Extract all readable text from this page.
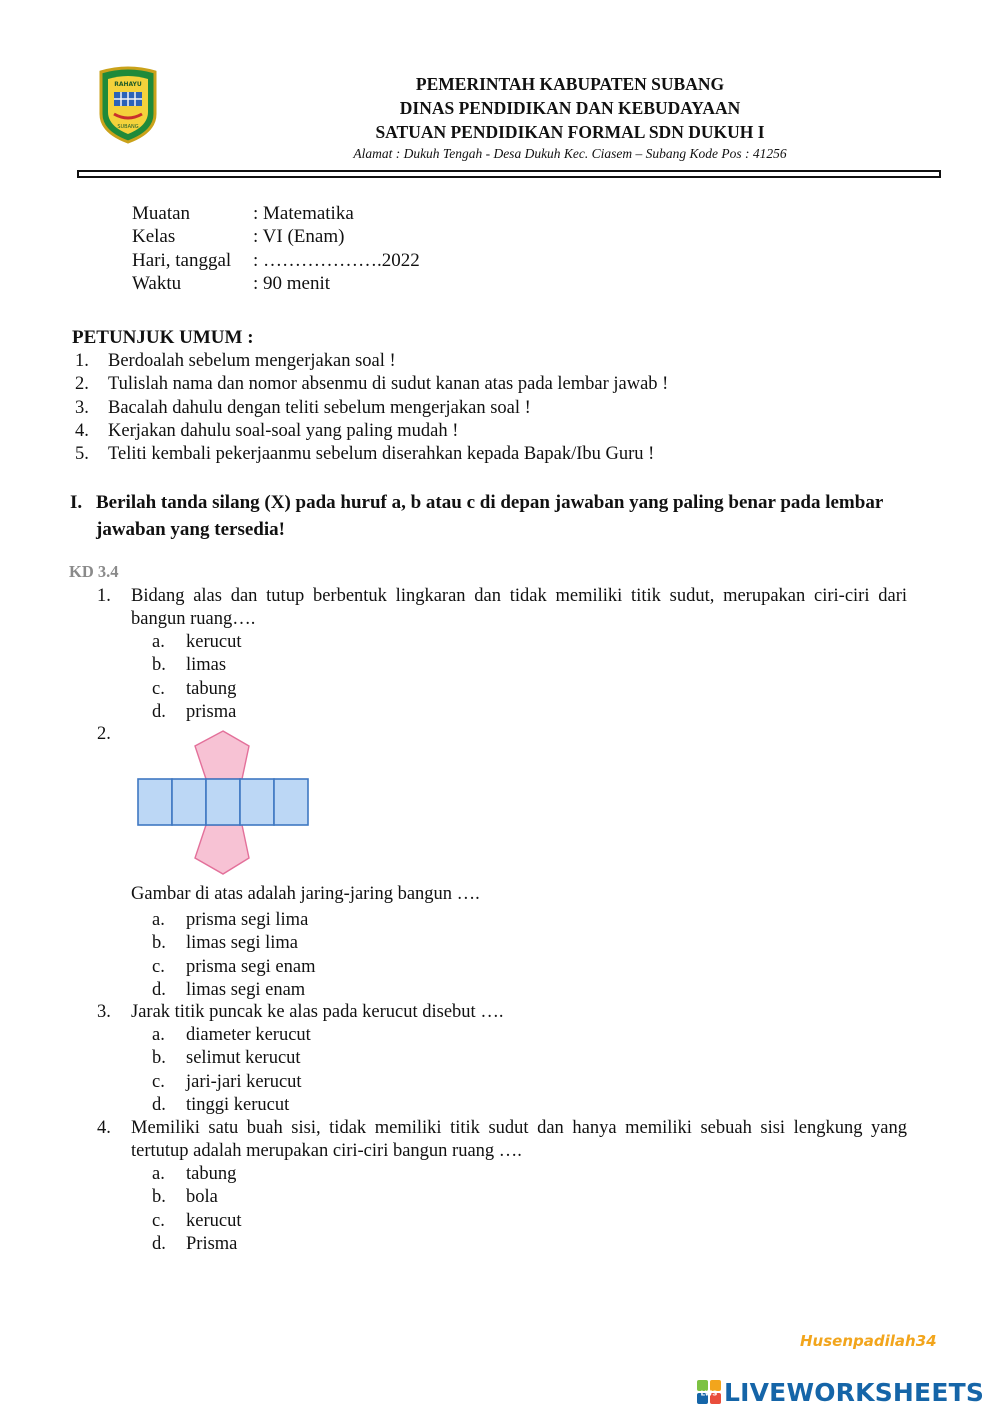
RAHAYU
SUBANG
PEMERINTAH KABUPATEN SUBANG
DINAS PENDIDIKAN DAN KEBUDAYAAN
SATUAN PENDIDIKAN FORMAL SDN DUKUH I
Alamat : Dukuh Tengah - Desa Dukuh Kec. Ciasem – Subang Kode Pos : 41256
Muatan	: Matematika
Kelas	: VI (Enam)
Hari, tanggal	: ……………….2022
Waktu	: 90 menit
PETUNJUK UMUM :
1.	Berdoalah sebelum mengerjakan soal !
2.	Tulislah nama dan nomor absenmu di sudut kanan atas pada lembar jawab !
3.	Bacalah dahulu dengan teliti sebelum mengerjakan soal !
4.	Kerjakan dahulu soal-soal yang paling mudah !
5.	Teliti kembali pekerjaanmu sebelum diserahkan kepada Bapak/Ibu Guru !
I. Berilah tanda silang (X) pada huruf a, b atau c di depan jawaban yang paling benar pada lembar jawaban yang tersedia!
KD 3.4
1.	Bidang alas dan tutup berbentuk lingkaran dan tidak memiliki titik sudut, merupakan ciri-ciri dari bangun ruang….
a.	kerucut
b.	limas
c.	tabung
d.	prisma
2.
Gambar di atas adalah jaring-jaring bangun ….
a.	prisma segi lima
b.	limas segi lima
c.	prisma segi enam
d.	limas segi enam
3.	Jarak titik puncak ke alas pada kerucut disebut ….
a.	diameter kerucut
b.	selimut kerucut
c.	jari-jari kerucut
d.	tinggi kerucut
4.	Memiliki satu buah sisi, tidak memiliki titik sudut dan hanya memiliki sebuah sisi lengkung yang tertutup adalah merupakan ciri-ciri bangun ruang ….
a.	tabung
b.	bola
c.	kerucut
d.	Prisma
Husenpadilah34
LWS LIVEWORKSHEETS
